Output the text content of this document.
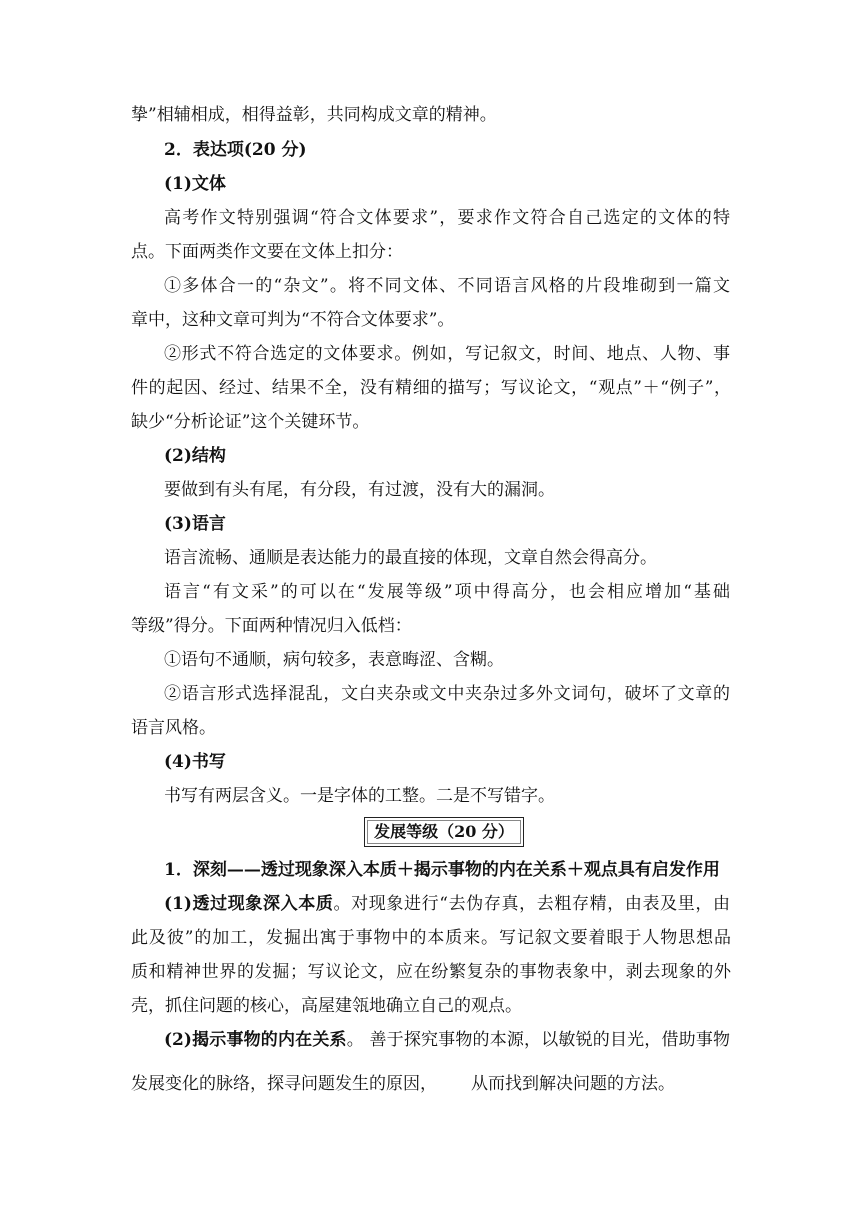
挚”相辅相成，相得益彰，共同构成文章的精神。
2．表达项(20 分)
(1)文体
高考作文特别强调“符合文体要求”，要求作文符合自己选定的文体的特
点。下面两类作文要在文体上扣分：
①多体合一的“杂文”。将不同文体、不同语言风格的片段堆砌到一篇文
章中，这种文章可判为“不符合文体要求”。
②形式不符合选定的文体要求。例如，写记叙文，时间、地点、人物、事
件的起因、经过、结果不全，没有精细的描写；写议论文，“观点”＋“例子”，
缺少“分析论证”这个关键环节。
(2)结构
要做到有头有尾，有分段，有过渡，没有大的漏洞。
(3)语言
语言流畅、通顺是表达能力的最直接的体现，文章自然会得高分。
语言“有文采”的可以在“发展等级”项中得高分，也会相应增加“基础
等级”得分。下面两种情况归入低档：
①语句不通顺，病句较多，表意晦涩、含糊。
②语言形式选择混乱，文白夹杂或文中夹杂过多外文词句，破坏了文章的
语言风格。
(4)书写
书写有两层含义。一是字体的工整。二是不写错字。
发展等级（20 分）
1．深刻——透过现象深入本质＋揭示事物的内在关系＋观点具有启发作用
(1)透过现象深入本质。对现象进行“去伪存真，去粗存精，由表及里，由
此及彼”的加工，发掘出寓于事物中的本质来。写记叙文要着眼于人物思想品
质和精神世界的发掘；写议论文，应在纷繁复杂的事物表象中，剥去现象的外
壳，抓住问题的核心，高屋建瓴地确立自己的观点。
(2)揭示事物的内在关系。 善于探究事物的本源，以敏锐的目光，借助事物
发展变化的脉络，探寻问题发生的原因， 从而找到解决问题的方法。
